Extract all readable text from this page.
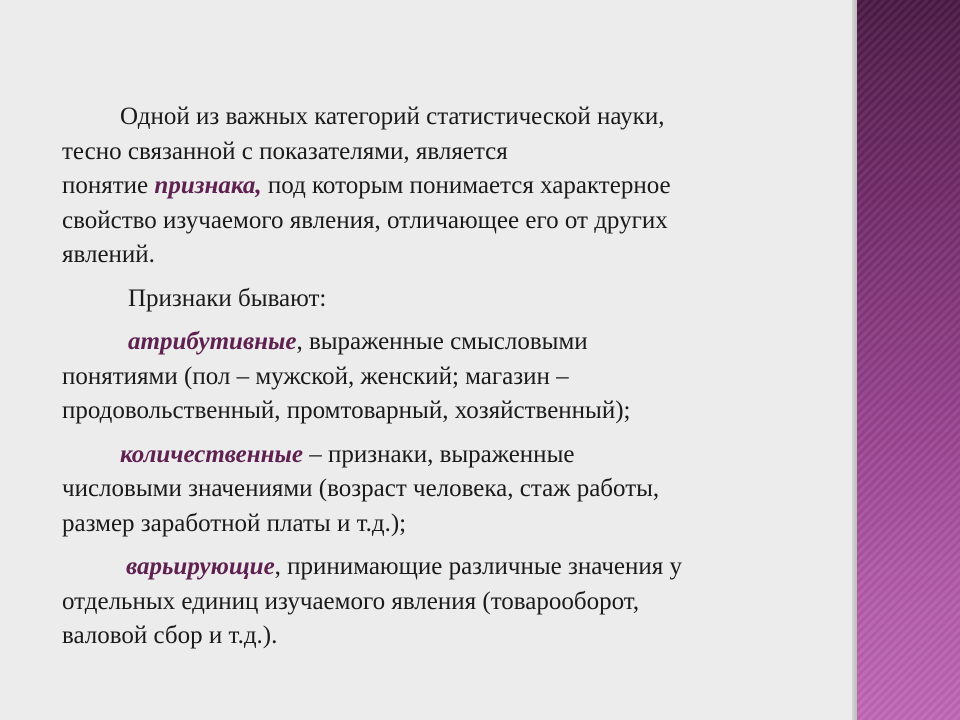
Одной из важных категорий статистической науки,
тесно связанной с показателями, является
понятие признака, под которым понимается характерное
свойство изучаемого явления, отличающее его от других
явлений.
Признаки бывают:
атрибутивные, выраженные смысловыми
понятиями (пол – мужской, женский; магазин –
продовольственный, промтоварный, хозяйственный);
количественные – признаки, выраженные
числовыми значениями (возраст человека, стаж работы,
размер заработной платы и т.д.);
варьирующие, принимающие различные значения у
отдельных единиц изучаемого явления (товарооборот,
валовой сбор и т.д.).
